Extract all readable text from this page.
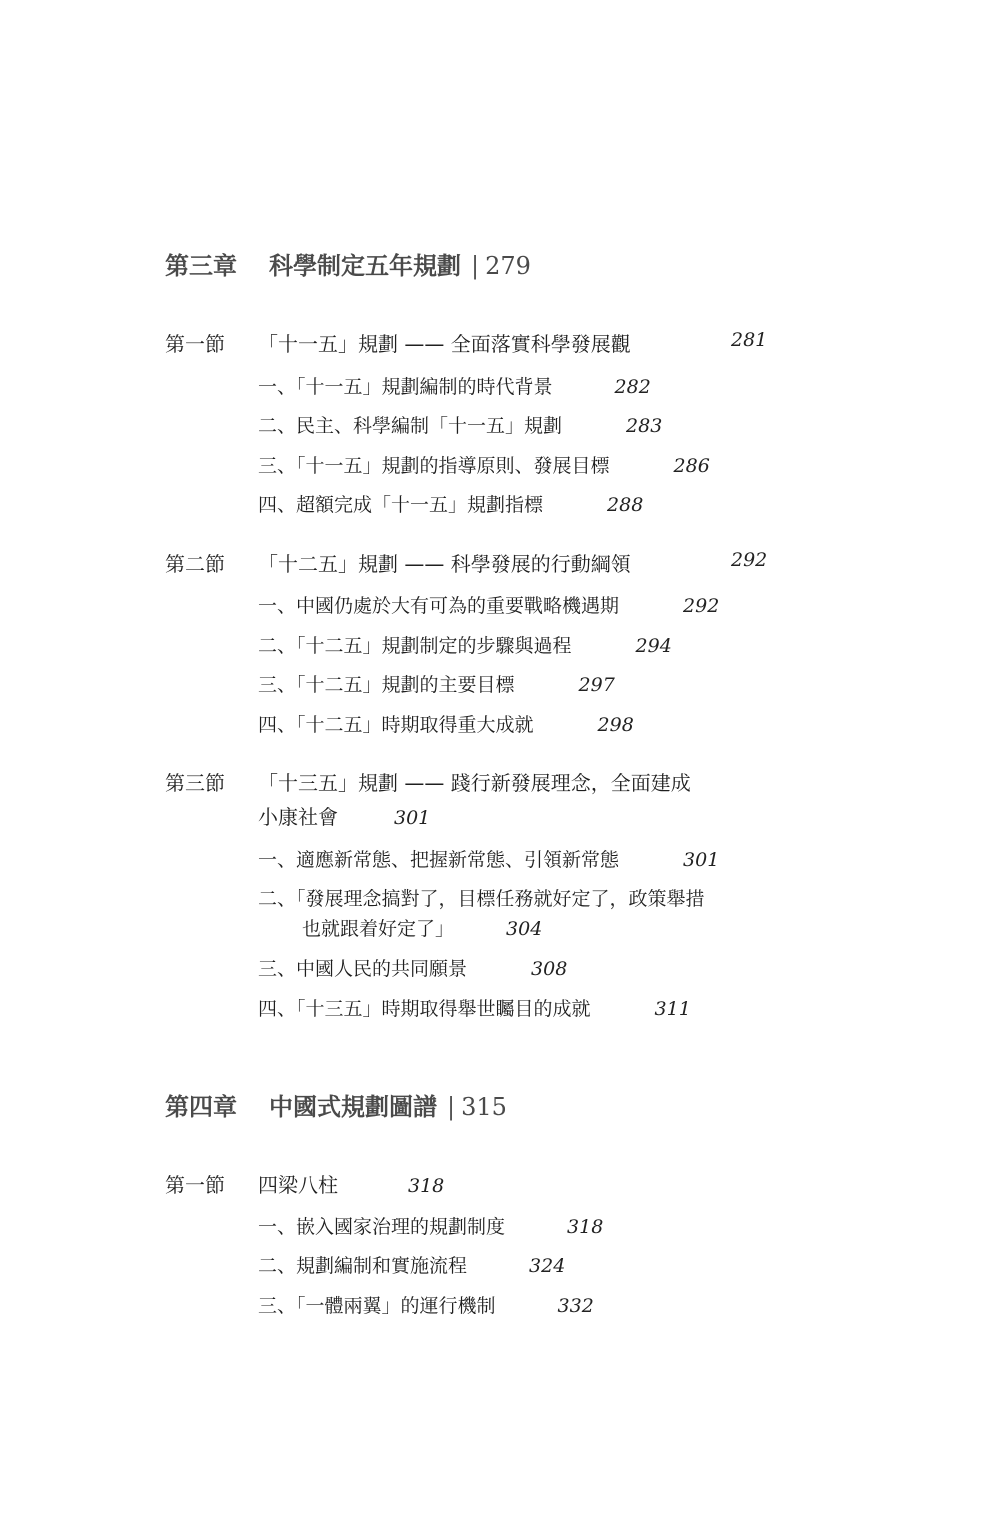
第三章 科學制定五年規劃 | 279
第一節 「十一五」規劃 —— 全面落實科學發展觀	281
一、「十一五」規劃編制的時代背景	282
二、民主、科學編制「十一五」規劃	283
三、「十一五」規劃的指導原則、發展目標	286
四、超額完成「十一五」規劃指標	288
第二節 「十二五」規劃 —— 科學發展的行動綱領	292
一、中國仍處於大有可為的重要戰略機遇期	292
二、「十二五」規劃制定的步驟與過程	294
三、「十二五」規劃的主要目標	297
四、「十二五」時期取得重大成就	298
第三節 「十三五」規劃 —— 踐行新發展理念，全面建成
小康社會	301
一、適應新常態、把握新常態、引領新常態	301
二、「發展理念搞對了，目標任務就好定了，政策舉措
也就跟着好定了」	304
三、中國人民的共同願景	308
四、「十三五」時期取得舉世矚目的成就	311
第四章 中國式規劃圖譜 | 315
第一節 四梁八柱	318
一、嵌入國家治理的規劃制度	318
二、規劃編制和實施流程	324
三、「一體兩翼」的運行機制	332
